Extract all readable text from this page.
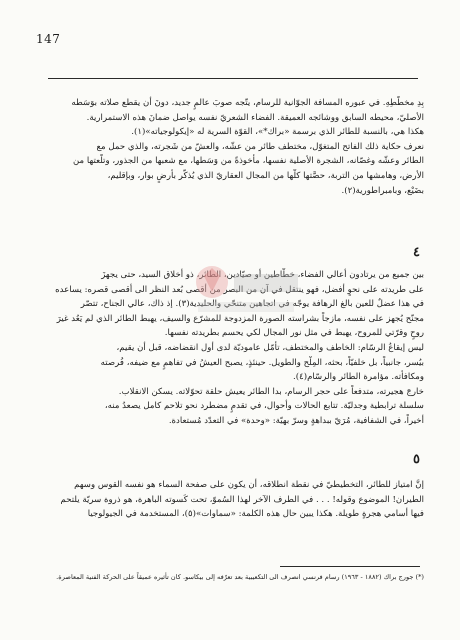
147
بِدِ مخطَّطِهِ. في عبوره المسافة الجوّانية للرسام، يتّجه صوبَ عالمٍ جديد، دونَ أن يقطع صلاته بوَسَطه
الأصليّ، محيطه السابق ووشائجه العميقة. الفضاء الشعريّ نفسه يواصل ضمانَ هذه الاستمرارية.
هكذا هي، بالنسبة للطائر الذي برسمة «براك*»، القوّة السرية له «إيكولوجياته»(١).
نعرف حكاية ذلك الفاتح المتغوّل، مختطف طائر من عشّه، والعشّ من شَجرته، والذي حمل مع
الطائر وعشّه وغصّانه، الشجرة الأصلية نفسها، مأخوذةً من وَسَطها، مع شعبها من الجذور، وتلّعتها من
الأرض، وهامشها من التربة، حصَّتها كلّها من المجال العقاريّ الذي يُذكّر بأرضٍ بوار، وبإقليم،
بضَيْع، وبامبراطورية(٢).
٤
بين جميع من يرتادون أعالي الفضاء، خطّاطين أو صيّادين، الطائر، ذو أخلاق السيد، حتى يجهزَ
على طريدته على نحوٍ أفضل، فهو ينتقل في آن من البصر من أقصى بُعد النظر الى أقصى قصره: يساعده
في هذا عضلٌ للعين بالغ الرهافة يوجّه في اتجاهين متنحّي والحليدية(٣). إذ ذاك، عالي الجناح، تتصّر
مجنّح يُجهز على نفسه، مازجاً بشراسته الصورة المزدوجة للمشرّع والسيف، يهبط الطائر الذي لم يَعُد غيرَ
روحٍ وقرّتي للمروح، يهبط في مثل نور المجال لكي يحسم بطريدته نفسها.
ليس إيقاعُ الرسّام: الخاطف والمختطف، تأمّل عاموديّة لدى أول انقضاضه، قبل أن يقيم،
بيُسر، جانبياً، بل خلفيّاً، بحثه، المِلْح والطويل. حينئذٍ، يصبح العيشُ في تفاهمٍ مع ضيفه، فُرصته
ومكافأته. مؤامرة الطائر والرسّام(٤).
خارجَ هجيرته، متدفعاً على حجر الرسام، بدا الطائر يعيش حلقة تحوّلاته. يسكن الانقلاب.
سلسلة ترابطية وجدليّة. تتابع الحالات وأحوال، في تقدمٍ مضطرد نحو تلاحم كامل يصعدُ منه،
أخيراً، في الشفافية، مُرَيّ ببداهةٍ وسرّ بهيّة: «وحدة» في التعدّد مُستعادة.
٥
إنَّ امتياز للطائر، التخطيطيّ في نقطة انطلاقه، أن يكون على صفحة السماء هو نفسه القوس وسهم
الطيران! الموضوع وقوله! . . . في الطرف الآخر لهذا السُموّ، تحت كَسوته الباهرة، هو ذروة سريّة يلتحم
فيها أسامي هجرةٍ طويلة. هكذا يبين حال هذه الكلمة: «سماوات»(٥)، المستخدمة في الجيولوجيا
(*) جورج براك (١٨٨٢ - ١٩٦٣) رسام فرنسي انصرف الى التكعيبية بعد تعرّفه إلى بيكاسو. كان تأثيره عميقاً على الحركة الفنية المعاصرة.
